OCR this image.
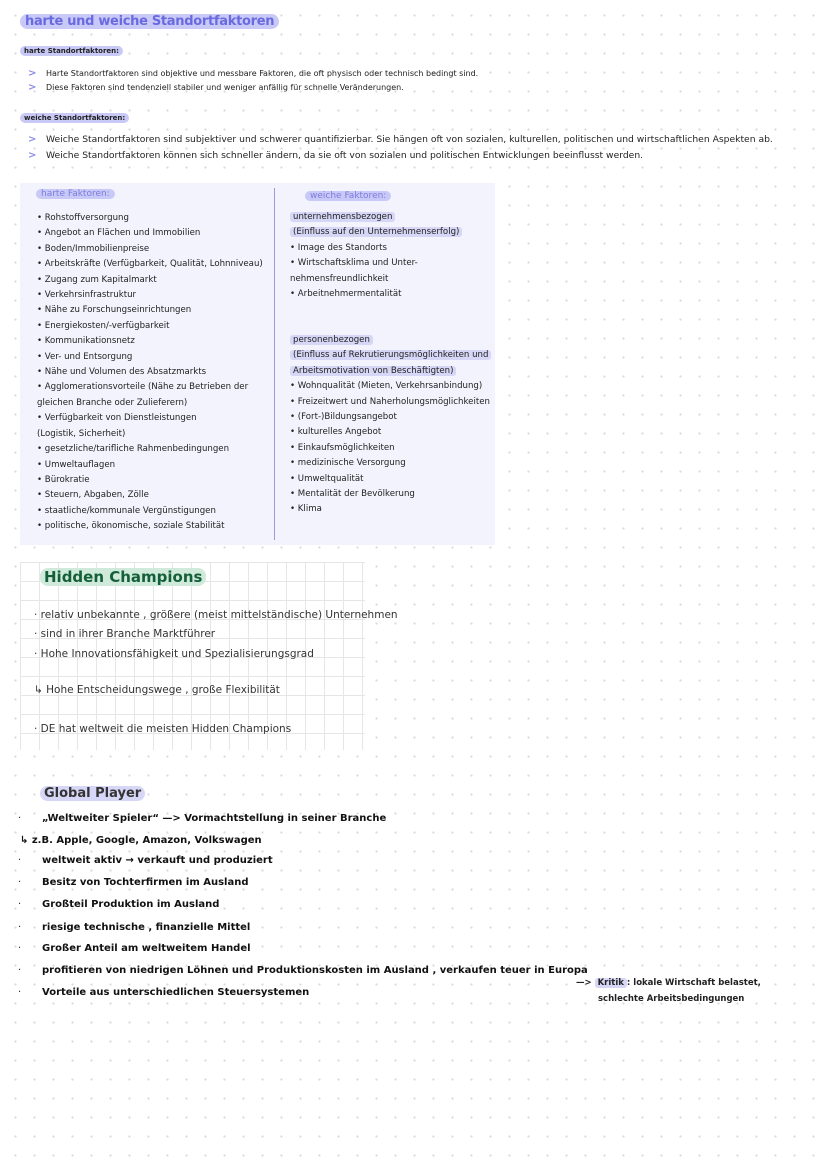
harte und weiche Standortfaktoren
harte Standortfaktoren:
>	Harte Standortfaktoren sind objektive und messbare Faktoren, die oft physisch oder technisch bedingt sind.
>	Diese Faktoren sind tendenziell stabiler und weniger anfällig für schnelle Veränderungen.
weiche Standortfaktoren:
>	Weiche Standortfaktoren sind subjektiver und schwerer quantifizierbar. Sie hängen oft von sozialen, kulturellen, politischen und wirtschaftlichen Aspekten ab.
>	Weiche Standortfaktoren können sich schneller ändern, da sie oft von sozialen und politischen Entwicklungen beeinflusst werden.
harte Faktoren:
• Rohstoffversorgung
• Angebot an Flächen und Immobilien
• Boden/Immobilienpreise
• Arbeitskräfte (Verfügbarkeit, Qualität, Lohnniveau)
• Zugang zum Kapitalmarkt
• Verkehrsinfrastruktur
• Nähe zu Forschungseinrichtungen
• Energiekosten/-verfügbarkeit
• Kommunikationsnetz
• Ver- und Entsorgung
• Nähe und Volumen des Absatzmarkts
• Agglomerationsvorteile (Nähe zu Betrieben der
gleichen Branche oder Zulieferern)
• Verfügbarkeit von Dienstleistungen
(Logistik, Sicherheit)
• gesetzliche/tarifliche Rahmenbedingungen
• Umweltauflagen
• Bürokratie
• Steuern, Abgaben, Zölle
• staatliche/kommunale Vergünstigungen
• politische, ökonomische, soziale Stabilität
weiche Faktoren:
unternehmensbezogen
(Einfluss auf den Unternehmenserfolg)
• Image des Standorts
• Wirtschaftsklima und Unter-
nehmensfreundlichkeit
• Arbeitnehmermentalität
personenbezogen
(Einfluss auf Rekrutierungsmöglichkeiten und
Arbeitsmotivation von Beschäftigten)
• Wohnqualität (Mieten, Verkehrsanbindung)
• Freizeitwert und Naherholungsmöglichkeiten
• (Fort-)Bildungsangebot
• kulturelles Angebot
• Einkaufsmöglichkeiten
• medizinische Versorgung
• Umweltqualität
• Mentalität der Bevölkerung
• Klima
Hidden Champions
· relativ unbekannte , größere (meist mittelständische) Unternehmen
· sind in ihrer Branche Marktführer
· Hohe Innovationsfähigkeit und Spezialisierungsgrad
↳ Hohe Entscheidungswege , große Flexibilität
· DE hat weltweit die meisten Hidden Champions
Global Player
· „Weltweiter Spieler“ —> Vormachtstellung in seiner Branche
↳ z.B. Apple, Google, Amazon, Volkswagen
· weltweit aktiv → verkauft und produziert
· Besitz von Tochterfirmen im Ausland
· Großteil Produktion im Ausland
· riesige technische , finanzielle Mittel
· Großer Anteil am weltweitem Handel
· profitieren von niedrigen Löhnen und Produktionskosten im Ausland , verkaufen teuer in Europa
· Vorteile aus unterschiedlichen Steuersystemen
—> Kritik : lokale Wirtschaft belastet,
schlechte Arbeitsbedingungen
